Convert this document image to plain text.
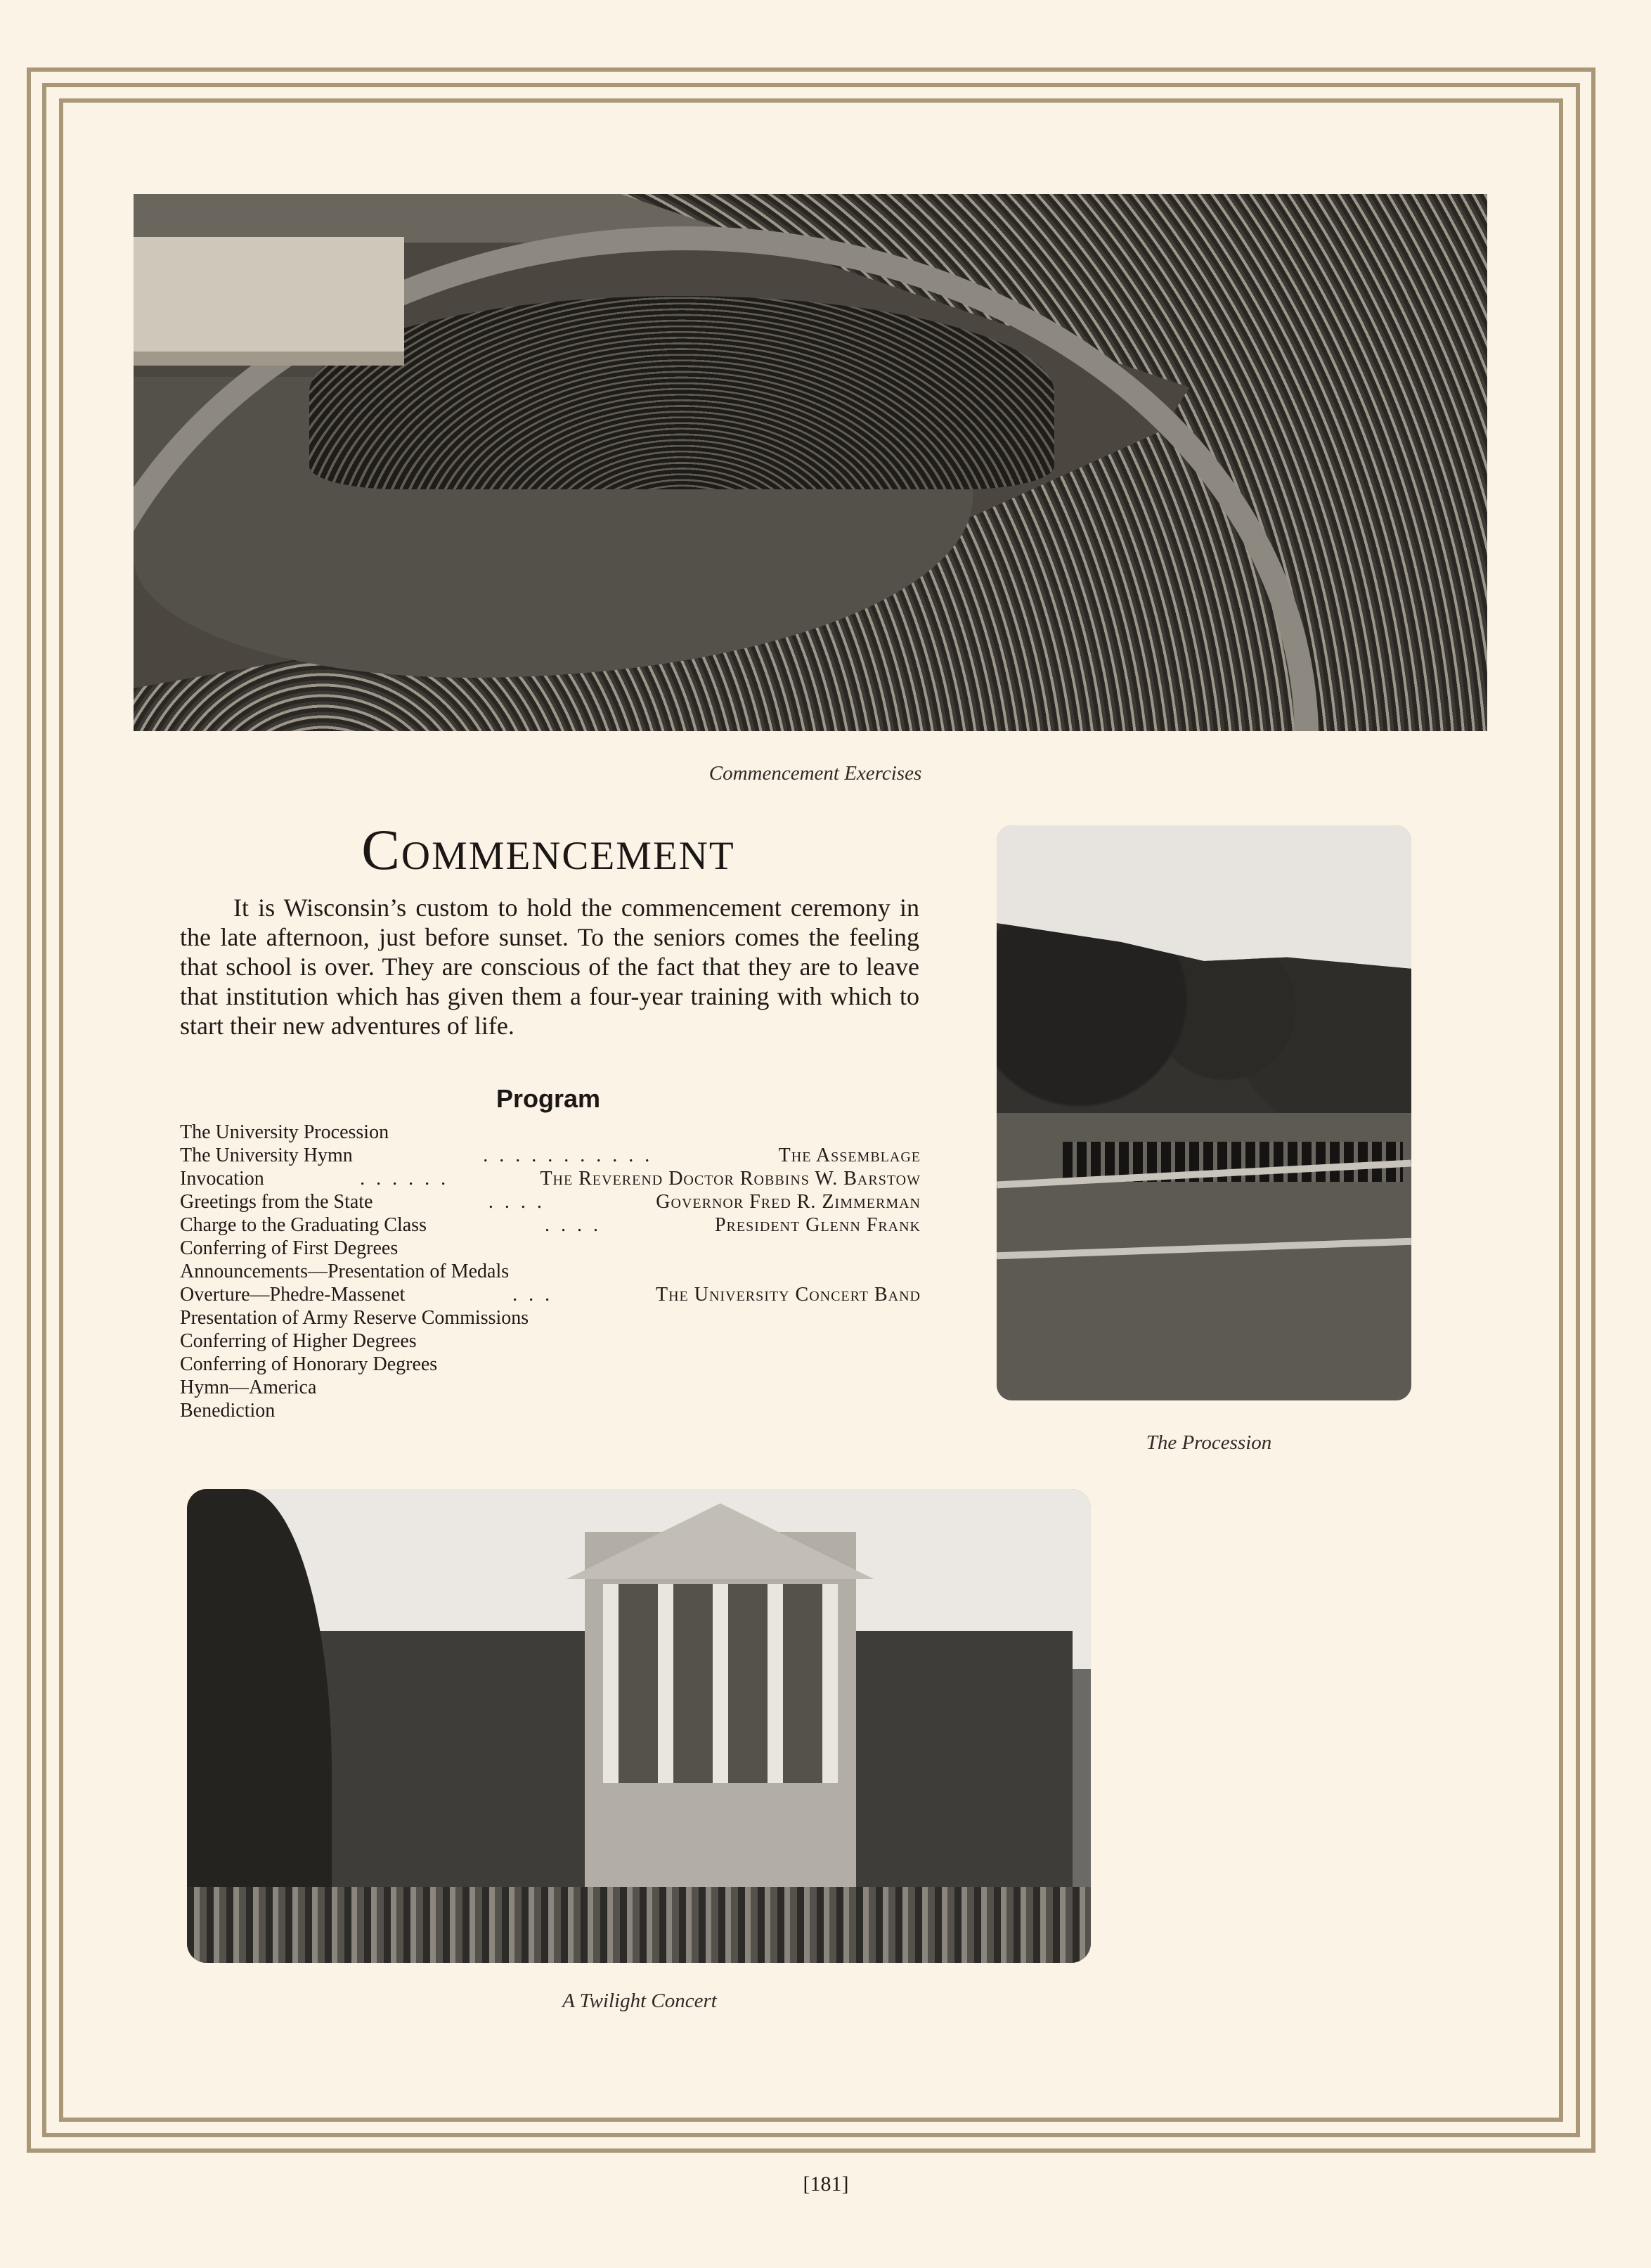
Commencement Exercises
Commencement
It is Wisconsin’s custom to hold the commencement ceremony in the late afternoon, just before sunset. To the seniors comes the feeling that school is over. They are conscious of the fact that they are to leave that institution which has given them a four-year training with which to start their new adventures of life.
Program
The University Procession
The University Hymn	...........	The Assemblage
Invocation	......	The Reverend Doctor Robbins W. Barstow
Greetings from the State	....	Governor Fred R. Zimmerman
Charge to the Graduating Class	....	President Glenn Frank
Conferring of First Degrees
Announcements—Presentation of Medals
Overture—Phedre-Massenet	...	The University Concert Band
Presentation of Army Reserve Commissions
Conferring of Higher Degrees
Conferring of Honorary Degrees
Hymn—America
Benediction
The Procession
A Twilight Concert
[181]
